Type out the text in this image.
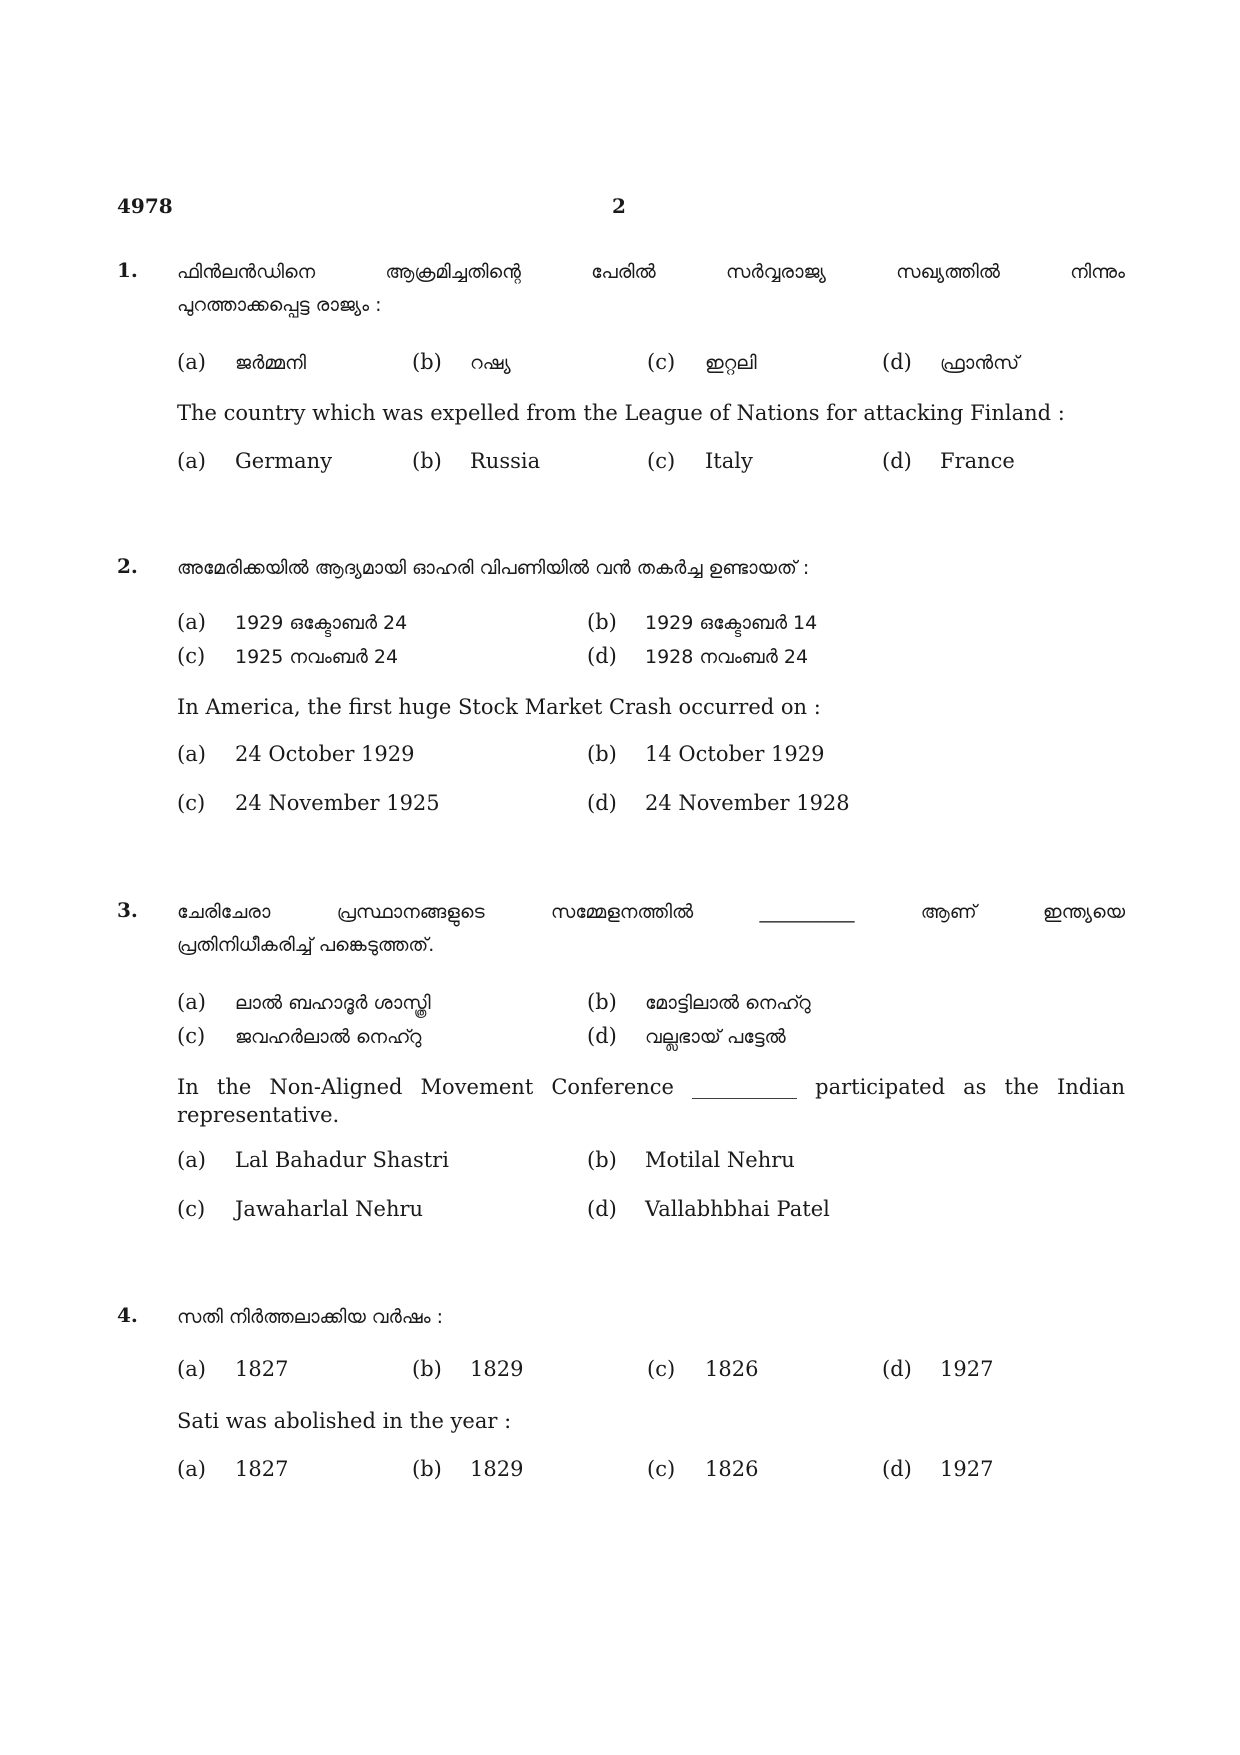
4978	2
1. ഫിൻലൻഡിനെ ആക്രമിച്ചതിന്റെ പേരിൽ സർവ്വരാജ്യ സഖ്യത്തിൽ നിന്നും
പുറത്താക്കപ്പെട്ട രാജ്യം :
(a) ജർമ്മനി	(b) റഷ്യ	(c) ഇറ്റലി	(d) ഫ്രാൻസ്
The country which was expelled from the League of Nations for attacking Finland :
(a) Germany	(b) Russia	(c) Italy	(d) France
2. അമേരിക്കയിൽ ആദ്യമായി ഓഹരി വിപണിയിൽ വൻ തകർച്ച ഉണ്ടായത് :
(a) 1929 ഒക്ടോബർ 24	(b) 1929 ഒക്ടോബർ 14
(c) 1925 നവംബർ 24	(d) 1928 നവംബർ 24
In America, the first huge Stock Market Crash occurred on :
(a) 24 October 1929	(b) 14 October 1929
(c) 24 November 1925	(d) 24 November 1928
3. ചേരിചേരാ പ്രസ്ഥാനങ്ങളുടെ സമ്മേളനത്തിൽ __________ ആണ് ഇന്ത്യയെ
പ്രതിനിധീകരിച്ച് പങ്കെടുത്തത്.
(a) ലാൽ ബഹാദൂർ ശാസ്ത്രി	(b) മോട്ടിലാൽ നെഹ്റു
(c) ജവഹർലാൽ നെഹ്റു	(d) വല്ലഭായ് പട്ടേൽ
In the Non-Aligned Movement Conference __________ participated as the Indian representative.
(a) Lal Bahadur Shastri	(b) Motilal Nehru
(c) Jawaharlal Nehru	(d) Vallabhbhai Patel
4. സതി നിർത്തലാക്കിയ വർഷം :
(a) 1827	(b) 1829	(c) 1826	(d) 1927
Sati was abolished in the year :
(a) 1827	(b) 1829	(c) 1826	(d) 1927
